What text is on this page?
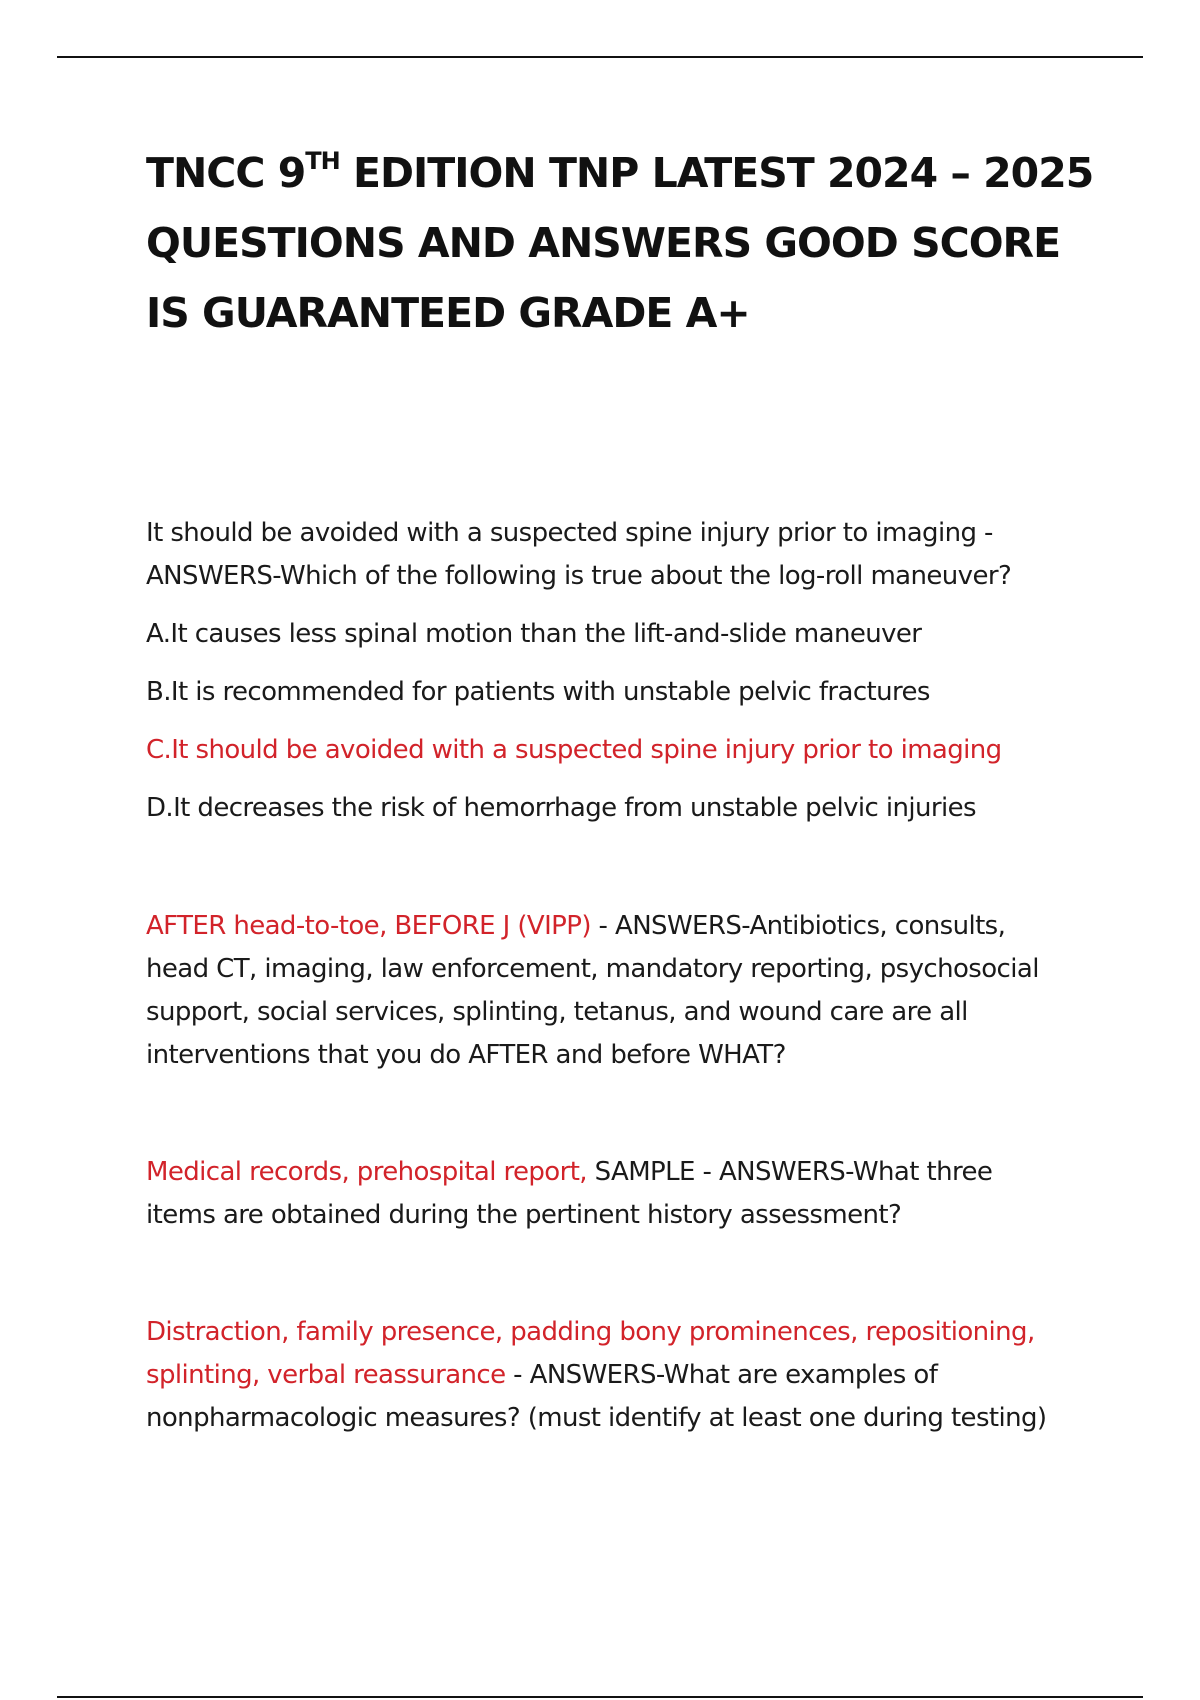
TNCC 9TH EDITION TNP LATEST 2024 – 2025
QUESTIONS AND ANSWERS GOOD SCORE
IS GUARANTEED GRADE A+

It should be avoided with a suspected spine injury prior to imaging -

ANSWERS-Which of the following is true about the log-roll maneuver?

A.It causes less spinal motion than the lift-and-slide maneuver

B.It is recommended for patients with unstable pelvic fractures

C.It should be avoided with a suspected spine injury prior to imaging

D.It decreases the risk of hemorrhage from unstable pelvic injuries

AFTER head-to-toe, BEFORE J (VIPP) - ANSWERS-Antibiotics, consults,

head CT, imaging, law enforcement, mandatory reporting, psychosocial

support, social services, splinting, tetanus, and wound care are all

interventions that you do AFTER and before WHAT?

Medical records, prehospital report, SAMPLE - ANSWERS-What three

items are obtained during the pertinent history assessment?

Distraction, family presence, padding bony prominences, repositioning,

splinting, verbal reassurance - ANSWERS-What are examples of

nonpharmacologic measures? (must identify at least one during testing)
